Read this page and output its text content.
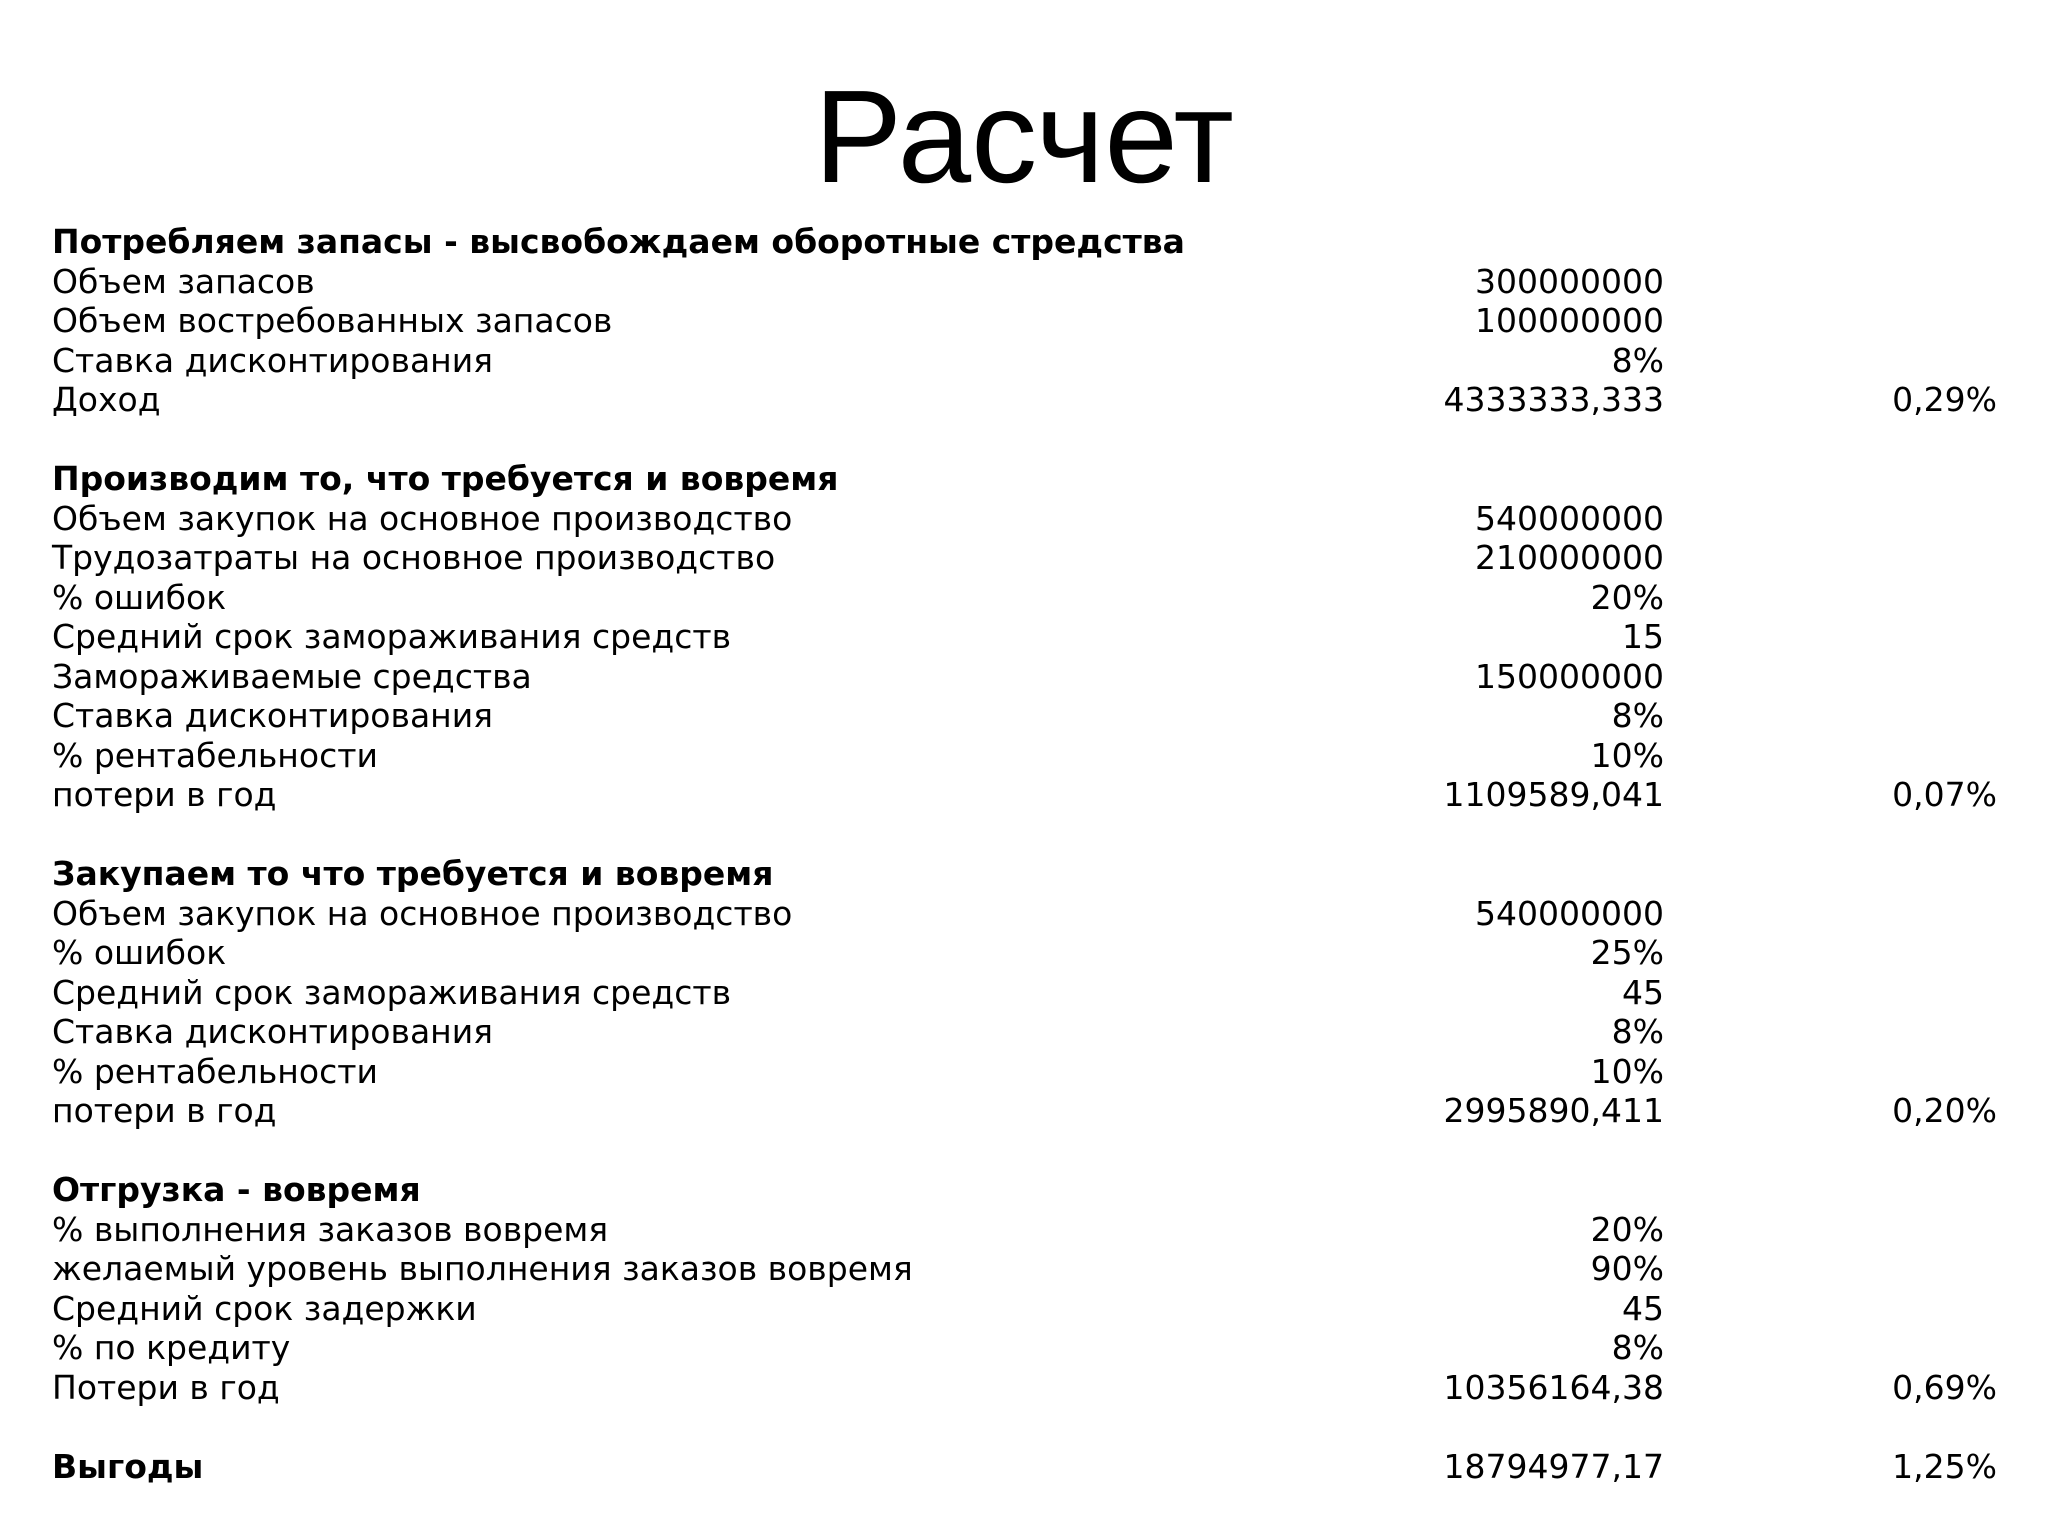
Расчет
Потребляем запасы - высвобождаем оборотные стредства
Объем запасов	300000000
Объем востребованных запасов	100000000
Ставка дисконтирования	8%
Доход	4333333,333	0,29%
Производим то, что требуется и вовремя
Объем закупок на основное производство	540000000
Трудозатраты на основное производство	210000000
% ошибок	20%
Средний срок замораживания средств	15
Замораживаемые средства	150000000
Ставка дисконтирования	8%
% рентабельности	10%
потери в год	1109589,041	0,07%
Закупаем то что требуется и вовремя
Объем закупок на основное производство	540000000
% ошибок	25%
Средний срок замораживания средств	45
Ставка дисконтирования	8%
% рентабельности	10%
потери в год	2995890,411	0,20%
Отгрузка - вовремя
% выполнения заказов вовремя	20%
желаемый уровень выполнения заказов вовремя	90%
Средний срок задержки	45
% по кредиту	8%
Потери в год	10356164,38	0,69%
Выгоды	18794977,17	1,25%
